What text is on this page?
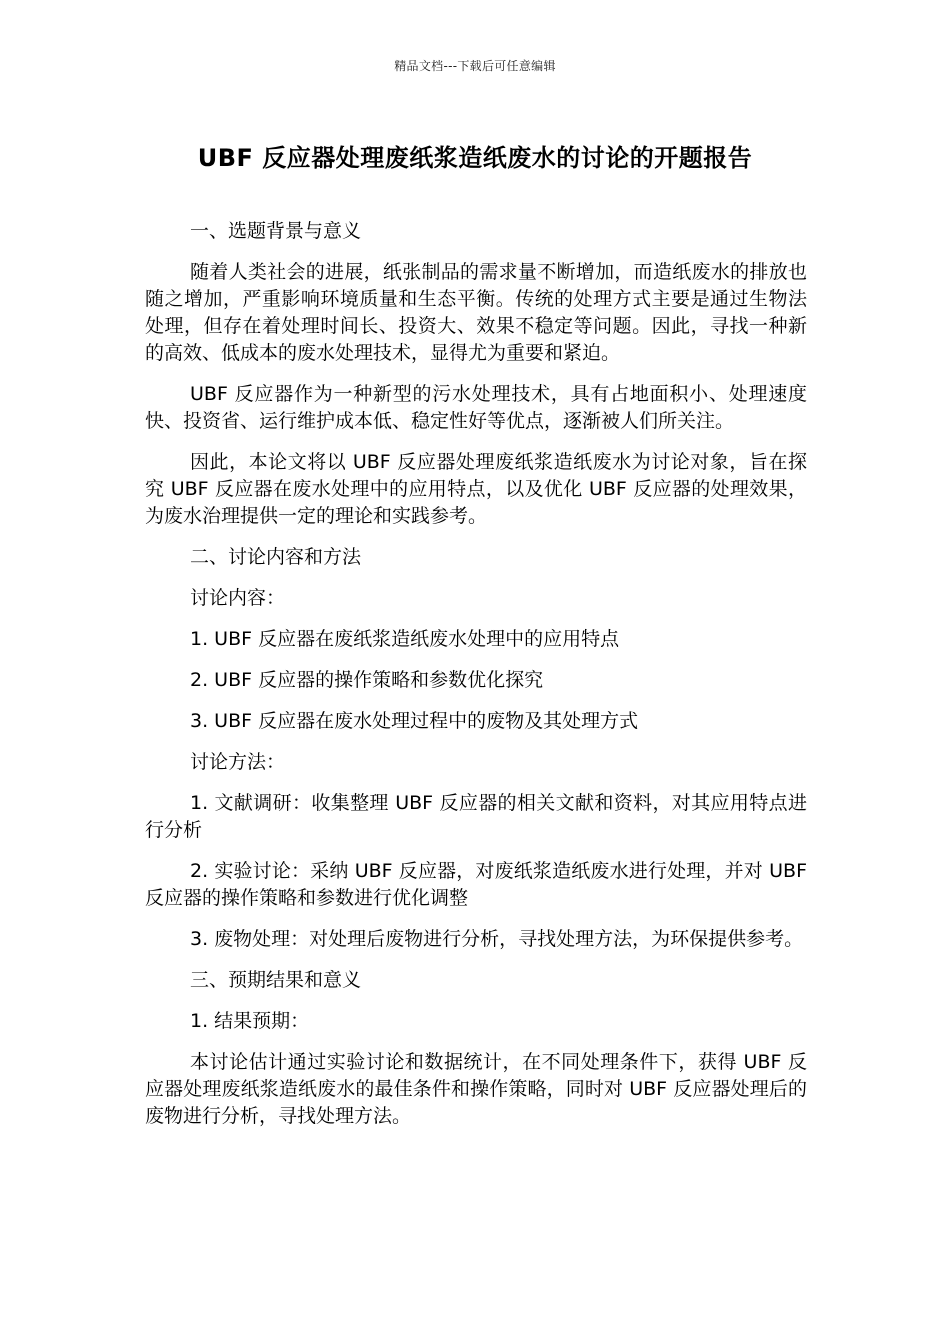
精品文档---下载后可任意编辑
UBF 反应器处理废纸浆造纸废水的讨论的开题报告

一、选题背景与意义

随着人类社会的进展，纸张制品的需求量不断增加，而造纸废水的排放也随之增加，严重影响环境质量和生态平衡。传统的处理方式主要是通过生物法处理，但存在着处理时间长、投资大、效果不稳定等问题。因此，寻找一种新的高效、低成本的废水处理技术，显得尤为重要和紧迫。

UBF 反应器作为一种新型的污水处理技术，具有占地面积小、处理速度快、投资省、运行维护成本低、稳定性好等优点，逐渐被人们所关注。

因此，本论文将以 UBF 反应器处理废纸浆造纸废水为讨论对象，旨在探究 UBF 反应器在废水处理中的应用特点，以及优化 UBF 反应器的处理效果，为废水治理提供一定的理论和实践参考。

二、讨论内容和方法

讨论内容：

1. UBF 反应器在废纸浆造纸废水处理中的应用特点

2. UBF 反应器的操作策略和参数优化探究

3. UBF 反应器在废水处理过程中的废物及其处理方式

讨论方法：

1. 文献调研：收集整理 UBF 反应器的相关文献和资料，对其应用特点进行分析

2. 实验讨论：采纳 UBF 反应器，对废纸浆造纸废水进行处理，并对 UBF 反应器的操作策略和参数进行优化调整

3. 废物处理：对处理后废物进行分析，寻找处理方法，为环保提供参考。

三、预期结果和意义

1. 结果预期：

本讨论估计通过实验讨论和数据统计，在不同处理条件下，获得 UBF 反应器处理废纸浆造纸废水的最佳条件和操作策略，同时对 UBF 反应器处理后的废物进行分析，寻找处理方法。
